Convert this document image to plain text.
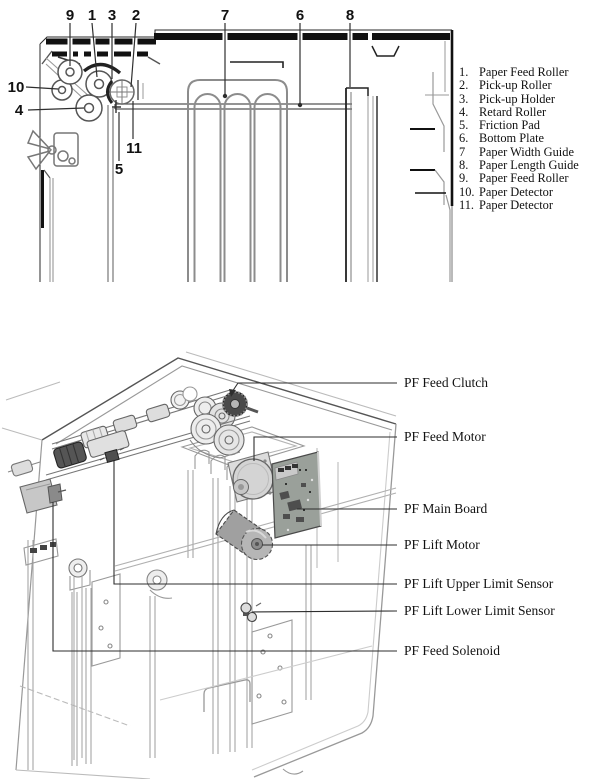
9 1 3 2	7	6	8
10
4
11
5
1. Paper Feed Roller
2. Pick-up Roller
3. Pick-up Holder
4. Retard Roller
5. Friction Pad
6. Bottom Plate
7 Paper Width Guide
8. Paper Length Guide
9. Paper Feed Roller
10. Paper Detector
11. Paper Detector
PF Feed Clutch
PF Feed Motor
PF Main Board
PF Lift Motor
PF Lift Upper Limit Sensor
PF Lift Lower Limit Sensor
PF Feed Solenoid
